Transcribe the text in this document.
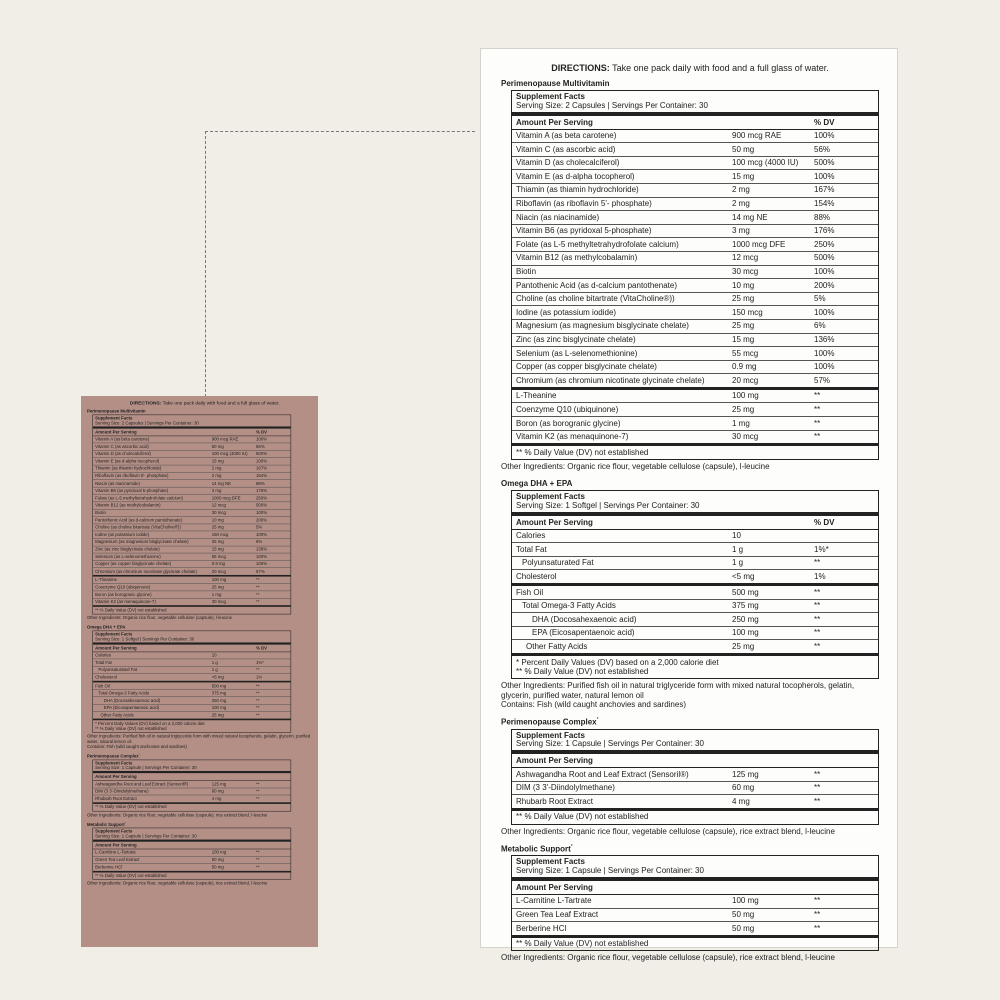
DIRECTIONS: Take one pack daily with food and a full glass of water.
Perimenopause Multivitamin
Supplement Facts
Serving Size: 2 Capsules | Servings Per Container: 30
Amount Per Serving	% DV
Vitamin A (as beta carotene)	900 mcg RAE	100%
Vitamin C (as ascorbic acid)	50 mg	56%
Vitamin D (as cholecalciferol)	100 mcg (4000 IU)	500%
Vitamin E (as d-alpha tocopherol)	15 mg	100%
Thiamin (as thiamin hydrochloride)	2 mg	167%
Riboflavin (as riboflavin 5'- phosphate)	2 mg	154%
Niacin (as niacinamide)	14 mg NE	88%
Vitamin B6 (as pyridoxal 5-phosphate)	3 mg	176%
Folate (as L-5 methyltetrahydrofolate calcium)	1000 mcg DFE	250%
Vitamin B12 (as methylcobalamin)	12 mcg	500%
Biotin	30 mcg	100%
Pantothenic Acid (as d-calcium pantothenate)	10 mg	200%
Choline (as choline bitartrate (VitaCholine®))	25 mg	5%
Iodine (as potassium iodide)	150 mcg	100%
Magnesium (as magnesium bisglycinate chelate)	25 mg	6%
Zinc (as zinc bisglycinate chelate)	15 mg	136%
Selenium (as L-selenomethionine)	55 mcg	100%
Copper (as copper bisglycinate chelate)	0.9 mg	100%
Chromium (as chromium nicotinate glycinate chelate)	20 mcg	57%
L-Theanine	100 mg	**
Coenzyme Q10 (ubiquinone)	25 mg	**
Boron (as borogranic glycine)	1 mg	**
Vitamin K2 (as menaquinone-7)	30 mcg	**
** % Daily Value (DV) not established
Other Ingredients: Organic rice flour, vegetable cellulose (capsule), l-leucine
Omega DHA + EPA
Supplement Facts
Serving Size: 1 Softgel | Servings Per Container: 30
Amount Per Serving	% DV
Calories	10
Total Fat	1 g	1%*
Polyunsaturated Fat	1 g	**
Cholesterol	<5 mg	1%
Fish Oil	500 mg	**
Total Omega-3 Fatty Acids	375 mg	**
DHA (Docosahexaenoic acid)	250 mg	**
EPA (Eicosapentaenoic acid)	100 mg	**
Other Fatty Acids	25 mg	**
* Percent Daily Values (DV) based on a 2,000 calorie diet
** % Daily Value (DV) not established
Other Ingredients: Purified fish oil in natural triglyceride form with mixed natural tocopherols, gelatin, glycerin, purified water, natural lemon oil
Contains: Fish (wild caught anchovies and sardines)
Perimenopause Complex*
Supplement Facts
Serving Size: 1 Capsule | Servings Per Container: 30
Amount Per Serving
Ashwagandha Root and Leaf Extract (Sensoril®)	125 mg	**
DIM (3 3'-Diindolylmethane)	60 mg	**
Rhubarb Root Extract	4 mg	**
** % Daily Value (DV) not established
Other Ingredients: Organic rice flour, vegetable cellulose (capsule), rice extract blend, l-leucine
Metabolic Support*
Supplement Facts
Serving Size: 1 Capsule | Servings Per Container: 30
Amount Per Serving
L-Carnitine L-Tartrate	100 mg	**
Green Tea Leaf Extract	50 mg	**
Berberine HCl	50 mg	**
** % Daily Value (DV) not established
Other Ingredients: Organic rice flour, vegetable cellulose (capsule), rice extract blend, l-leucine
DIRECTIONS: Take one pack daily with food and a full glass of water.
Perimenopause Multivitamin
Supplement Facts
Serving Size: 2 Capsules | Servings Per Container: 30
Amount Per Serving	% DV
Vitamin A (as beta carotene)	900 mcg RAE	100%
Vitamin C (as ascorbic acid)	50 mg	56%
Vitamin D (as cholecalciferol)	100 mcg (4000 IU)	500%
Vitamin E (as d-alpha tocopherol)	15 mg	100%
Thiamin (as thiamin hydrochloride)	2 mg	167%
Riboflavin (as riboflavin 5'- phosphate)	2 mg	154%
Niacin (as niacinamide)	14 mg NE	88%
Vitamin B6 (as pyridoxal 5-phosphate)	3 mg	176%
Folate (as L-5 methyltetrahydrofolate calcium)	1000 mcg DFE	250%
Vitamin B12 (as methylcobalamin)	12 mcg	500%
Biotin	30 mcg	100%
Pantothenic Acid (as d-calcium pantothenate)	10 mg	200%
Choline (as choline bitartrate (VitaCholine®))	25 mg	5%
Iodine (as potassium iodide)	150 mcg	100%
Magnesium (as magnesium bisglycinate chelate)	25 mg	6%
Zinc (as zinc bisglycinate chelate)	15 mg	136%
Selenium (as L-selenomethionine)	55 mcg	100%
Copper (as copper bisglycinate chelate)	0.9 mg	100%
Chromium (as chromium nicotinate glycinate chelate)	20 mcg	57%
L-Theanine	100 mg	**
Coenzyme Q10 (ubiquinone)	25 mg	**
Boron (as borogranic glycine)	1 mg	**
Vitamin K2 (as menaquinone-7)	30 mcg	**
** % Daily Value (DV) not established
Other Ingredients: Organic rice flour, vegetable cellulose (capsule), l-leucine
Omega DHA + EPA
Supplement Facts
Serving Size: 1 Softgel | Servings Per Container: 30
Amount Per Serving	% DV
Calories	10
Total Fat	1 g	1%*
Polyunsaturated Fat	1 g	**
Cholesterol	<5 mg	1%
Fish Oil	500 mg	**
Total Omega-3 Fatty Acids	375 mg	**
DHA (Docosahexaenoic acid)	250 mg	**
EPA (Eicosapentaenoic acid)	100 mg	**
Other Fatty Acids	25 mg	**
* Percent Daily Values (DV) based on a 2,000 calorie diet
** % Daily Value (DV) not established
Other Ingredients: Purified fish oil in natural triglyceride form with mixed natural tocopherols, gelatin, glycerin, purified water, natural lemon oil
Contains: Fish (wild caught anchovies and sardines)
Perimenopause Complex*
Supplement Facts
Serving Size: 1 Capsule | Servings Per Container: 30
Amount Per Serving
Ashwagandha Root and Leaf Extract (Sensoril®)	125 mg	**
DIM (3 3'-Diindolylmethane)	60 mg	**
Rhubarb Root Extract	4 mg	**
** % Daily Value (DV) not established
Other Ingredients: Organic rice flour, vegetable cellulose (capsule), rice extract blend, l-leucine
Metabolic Support*
Supplement Facts
Serving Size: 1 Capsule | Servings Per Container: 30
Amount Per Serving
L-Carnitine L-Tartrate	100 mg	**
Green Tea Leaf Extract	50 mg	**
Berberine HCl	50 mg	**
** % Daily Value (DV) not established
Other Ingredients: Organic rice flour, vegetable cellulose (capsule), rice extract blend, l-leucine
